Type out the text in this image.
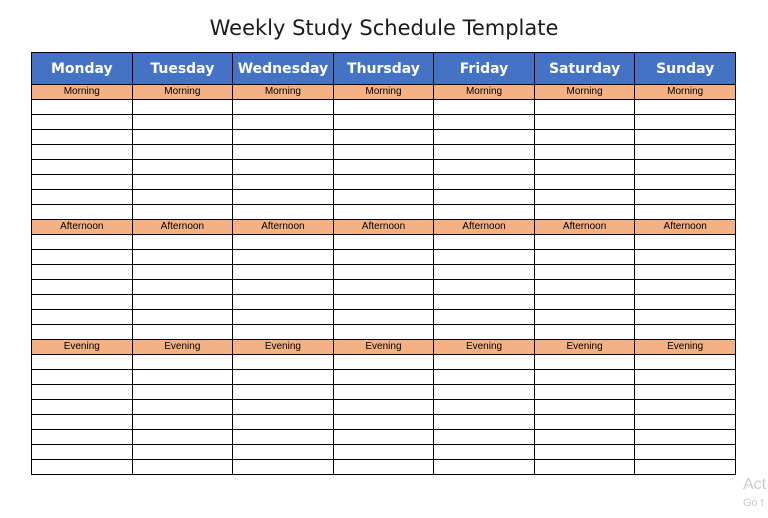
Weekly Study Schedule Template
Monday	Tuesday	Wednesday	Thursday	Friday	Saturday	Sunday
Morning	Morning	Morning	Morning	Morning	Morning	Morning

Afternoon	Afternoon	Afternoon	Afternoon	Afternoon	Afternoon	Afternoon

Evening	Evening	Evening	Evening	Evening	Evening	Evening

Act
Go t
